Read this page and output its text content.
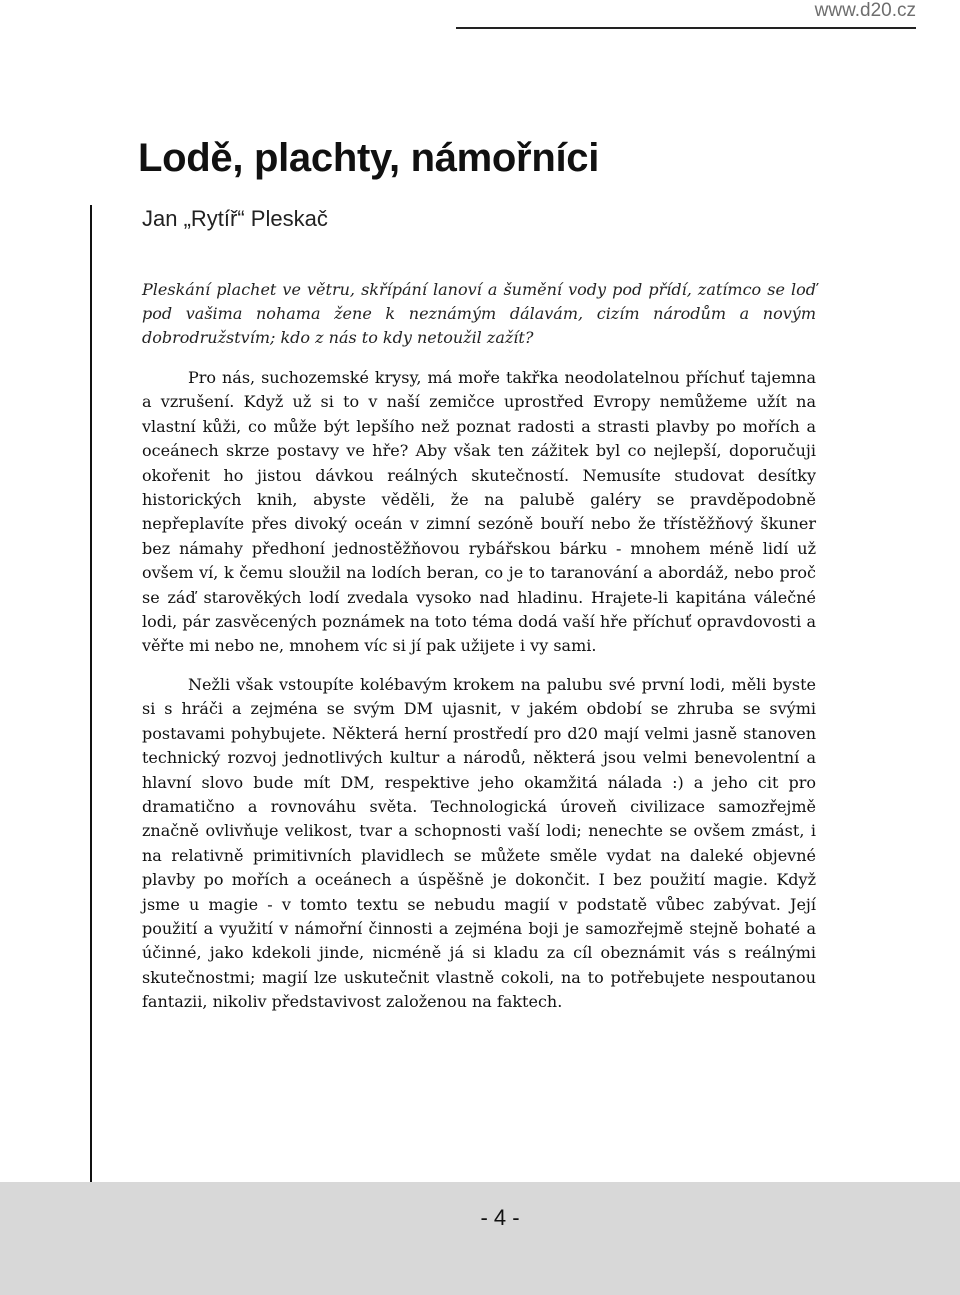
www.d20.cz
Lodě, plachty, námořníci
Jan „Rytíř“ Pleskač

Pleskání plachet ve větru, skřípání lanoví a šumění vody pod přídí, zatímco se loď pod vašima nohama žene k neznámým dálavám, cizím národům a novým dobrodružstvím; kdo z nás to kdy netoužil zažít?

Pro nás, suchozemské krysy, má moře takřka neodolatelnou příchuť tajemna a vzrušení. Když už si to v naší zemičce uprostřed Evropy nemůžeme užít na vlastní kůži, co může být lepšího než poznat radosti a strasti plavby po mořích a oceánech skrze postavy ve hře? Aby však ten zážitek byl co nejlepší, doporučuji okořenit ho jistou dávkou reálných skutečností. Nemusíte studovat desítky historických knih, abyste věděli, že na palubě galéry se pravděpodobně nepřeplavíte přes divoký oceán v zimní sezóně bouří nebo že třístěžňový škuner bez námahy předhoní jednostěžňovou rybářskou bárku - mnohem méně lidí už ovšem ví, k čemu sloužil na lodích beran, co je to taranování a abordáž, nebo proč se záď starověkých lodí zvedala vysoko nad hladinu. Hrajete-li kapitána válečné lodi, pár zasvěcených poznámek na toto téma dodá vaší hře příchuť opravdovosti a věřte mi nebo ne, mnohem víc si jí pak užijete i vy sami.

Nežli však vstoupíte kolébavým krokem na palubu své první lodi, měli byste si s hráči a zejména se svým DM ujasnit, v jakém období se zhruba se svými postavami pohybujete. Některá herní prostředí pro d20 mají velmi jasně stanoven technický rozvoj jednotlivých kultur a národů, některá jsou velmi benevolentní a hlavní slovo bude mít DM, respektive jeho okamžitá nálada :) a jeho cit pro dramatično a rovnováhu světa. Technologická úroveň civilizace samozřejmě značně ovlivňuje velikost, tvar a schopnosti vaší lodi; nenechte se ovšem zmást, i na relativně primitivních plavidlech se můžete směle vydat na daleké objevné plavby po mořích a oceánech a úspěšně je dokončit. I bez použití magie. Když jsme u magie - v tomto textu se nebudu magií v podstatě vůbec zabývat. Její použití a využití v námořní činnosti a zejména boji je samozřejmě stejně bohaté a účinné, jako kdekoli jinde, nicméně já si kladu za cíl obeznámit vás s reálnými skutečnostmi; magií lze uskutečnit vlastně cokoli, na to potřebujete nespoutanou fantazii, nikoliv představivost založenou na faktech.

- 4 -
